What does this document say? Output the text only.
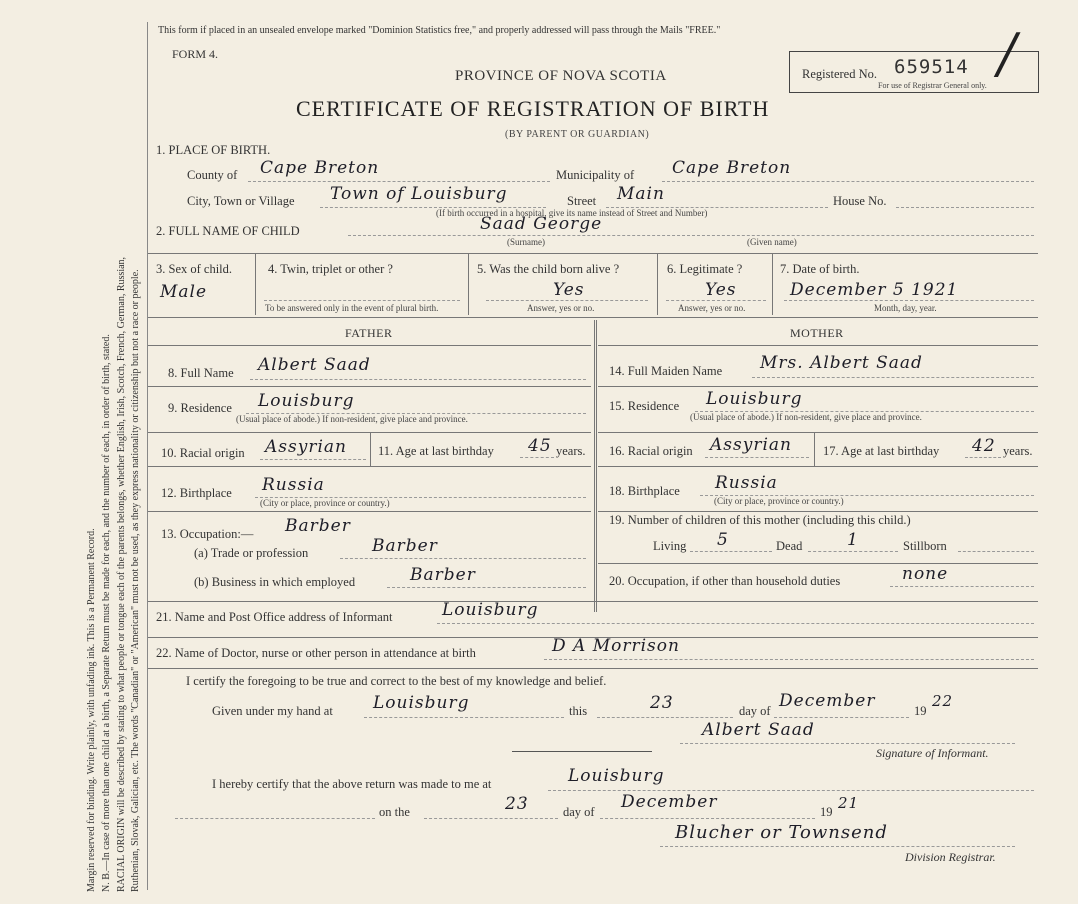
Margin reserved for binding. Write plainly, with unfading ink. This is a Permanent Record. N. B.—In case of more than one child at a birth, a Separate Return must be made for each, and the number of each, in order of birth, stated. RACIAL ORIGIN will be described by stating to what people or tongue each of the parents belongs, whether English, Irish, Scotch, French, German, Russian, Ruthenian, Slovak, Galician, etc. The words "Canadian" or "American" must not be used, as they express nationality or citizenship but not a race or people.
This form if placed in an unsealed envelope marked "Dominion Statistics free," and properly addressed will pass through the Mails "FREE."
FORM 4.
PROVINCE OF NOVA SCOTIA
CERTIFICATE OF REGISTRATION OF BIRTH
(BY PARENT OR GUARDIAN)
Registered No. 659514
For use of Registrar General only.
/
1. PLACE OF BIRTH.
County of Cape Breton	Municipality of Cape Breton
City, Town or Village Town of Louisburg	Street Main	House No.
(If birth occurred in a hospital, give its name instead of Street and Number)
2. FULL NAME OF CHILD	Saad George
(Surname)	(Given name)
3. Sex of child.
Male
4. Twin, triplet or other ?
To be answered only in the event of plural birth.
5. Was the child born alive ?
Yes
Answer, yes or no.
6. Legitimate ?
Yes
Answer, yes or no.
7. Date of birth.
December 5 1921
Month, day, year.
FATHER	MOTHER
8. Full Name Albert Saad
9. Residence Louisburg
(Usual place of abode.) If non-resident, give place and province.
10. Racial origin Assyrian 11. Age at last birthday 45 years.
12. Birthplace Russia
(City or place, province or country.)
13. Occupation:— Barber
(a) Trade or profession	Barber
(b) Business in which employed	Barber
14. Full Maiden Name Mrs. Albert Saad
15. Residence Louisburg
(Usual place of abode.) If non-resident, give place and province.
16. Racial origin Assyrian 17. Age at last birthday 42 years.
18. Birthplace Russia
(City or place, province or country.)
19. Number of children of this mother (including this child.)
Living 5	Dead	1	Stillborn
20. Occupation, if other than household duties	none
21. Name and Post Office address of Informant	Louisburg
22. Name of Doctor, nurse or other person in attendance at birth	D A Morrison
I certify the foregoing to be true and correct to the best of my knowledge and belief.
Given under my hand at Louisburg	this	23	day of December	19
22
Albert Saad
Signature of Informant.
I hereby certify that the above return was made to me at	Louisburg
on the	23	day of December	19 21
Blucher or Townsend
Division Registrar.
